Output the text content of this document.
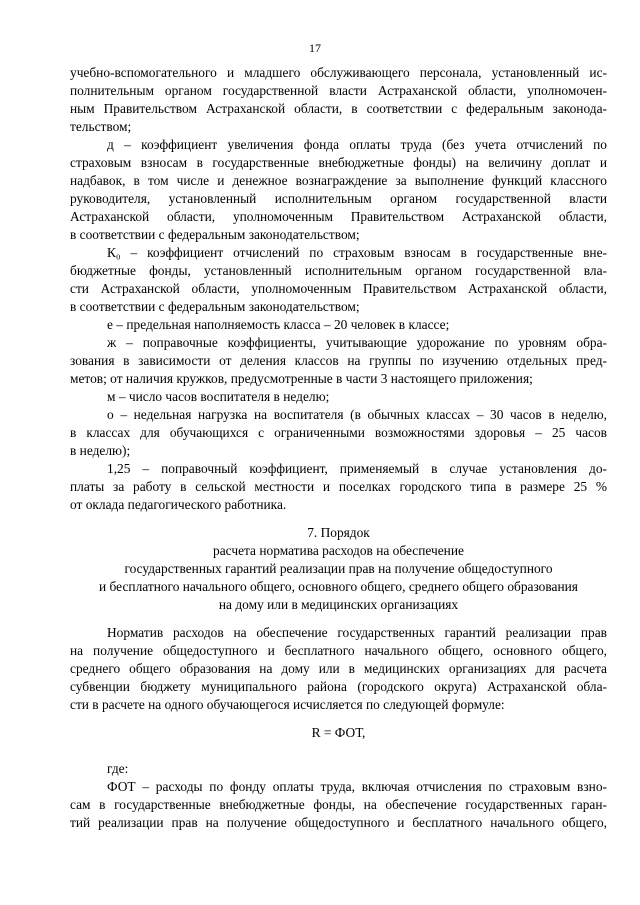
17
учебно-вспомогательного и младшего обслуживающего персонала, установленный ис-
полнительным органом государственной власти Астраханской области, уполномочен-
ным Правительством Астраханской области, в соответствии с федеральным законода-
тельством;
д – коэффициент увеличения фонда оплаты труда (без учета отчислений по
страховым взносам в государственные внебюджетные фонды) на величину доплат и
надбавок, в том числе и денежное вознаграждение за выполнение функций классного
руководителя, установленный исполнительным органом государственной власти
Астраханской области, уполномоченным Правительством Астраханской области,
в соответствии с федеральным законодательством;
К₀ – коэффициент отчислений по страховым взносам в государственные вне-
бюджетные фонды, установленный исполнительным органом государственной вла-
сти Астраханской области, уполномоченным Правительством Астраханской области,
в соответствии с федеральным законодательством;
е – предельная наполняемость класса – 20 человек в классе;
ж – поправочные коэффициенты, учитывающие удорожание по уровням обра-
зования в зависимости от деления классов на группы по изучению отдельных пред-
метов; от наличия кружков, предусмотренные в части 3 настоящего приложения;
м – число часов воспитателя в неделю;
о – недельная нагрузка на воспитателя (в обычных классах – 30 часов в неделю,
в классах для обучающихся с ограниченными возможностями здоровья – 25 часов
в неделю);
1,25 – поправочный коэффициент, применяемый в случае установления до-
платы за работу в сельской местности и поселках городского типа в размере 25 %
от оклада педагогического работника.
7. Порядок
расчета норматива расходов на обеспечение
государственных гарантий реализации прав на получение общедоступного
и бесплатного начального общего, основного общего, среднего общего образования
на дому или в медицинских организациях
Норматив расходов на обеспечение государственных гарантий реализации прав
на получение общедоступного и бесплатного начального общего, основного общего,
среднего общего образования на дому или в медицинских организациях для расчета
субвенции бюджету муниципального района (городского округа) Астраханской обла-
сти в расчете на одного обучающегося исчисляется по следующей формуле:
R = ФОТ,
где:
ФОТ – расходы по фонду оплаты труда, включая отчисления по страховым взно-
сам в государственные внебюджетные фонды, на обеспечение государственных гаран-
тий реализации прав на получение общедоступного и бесплатного начального общего,
